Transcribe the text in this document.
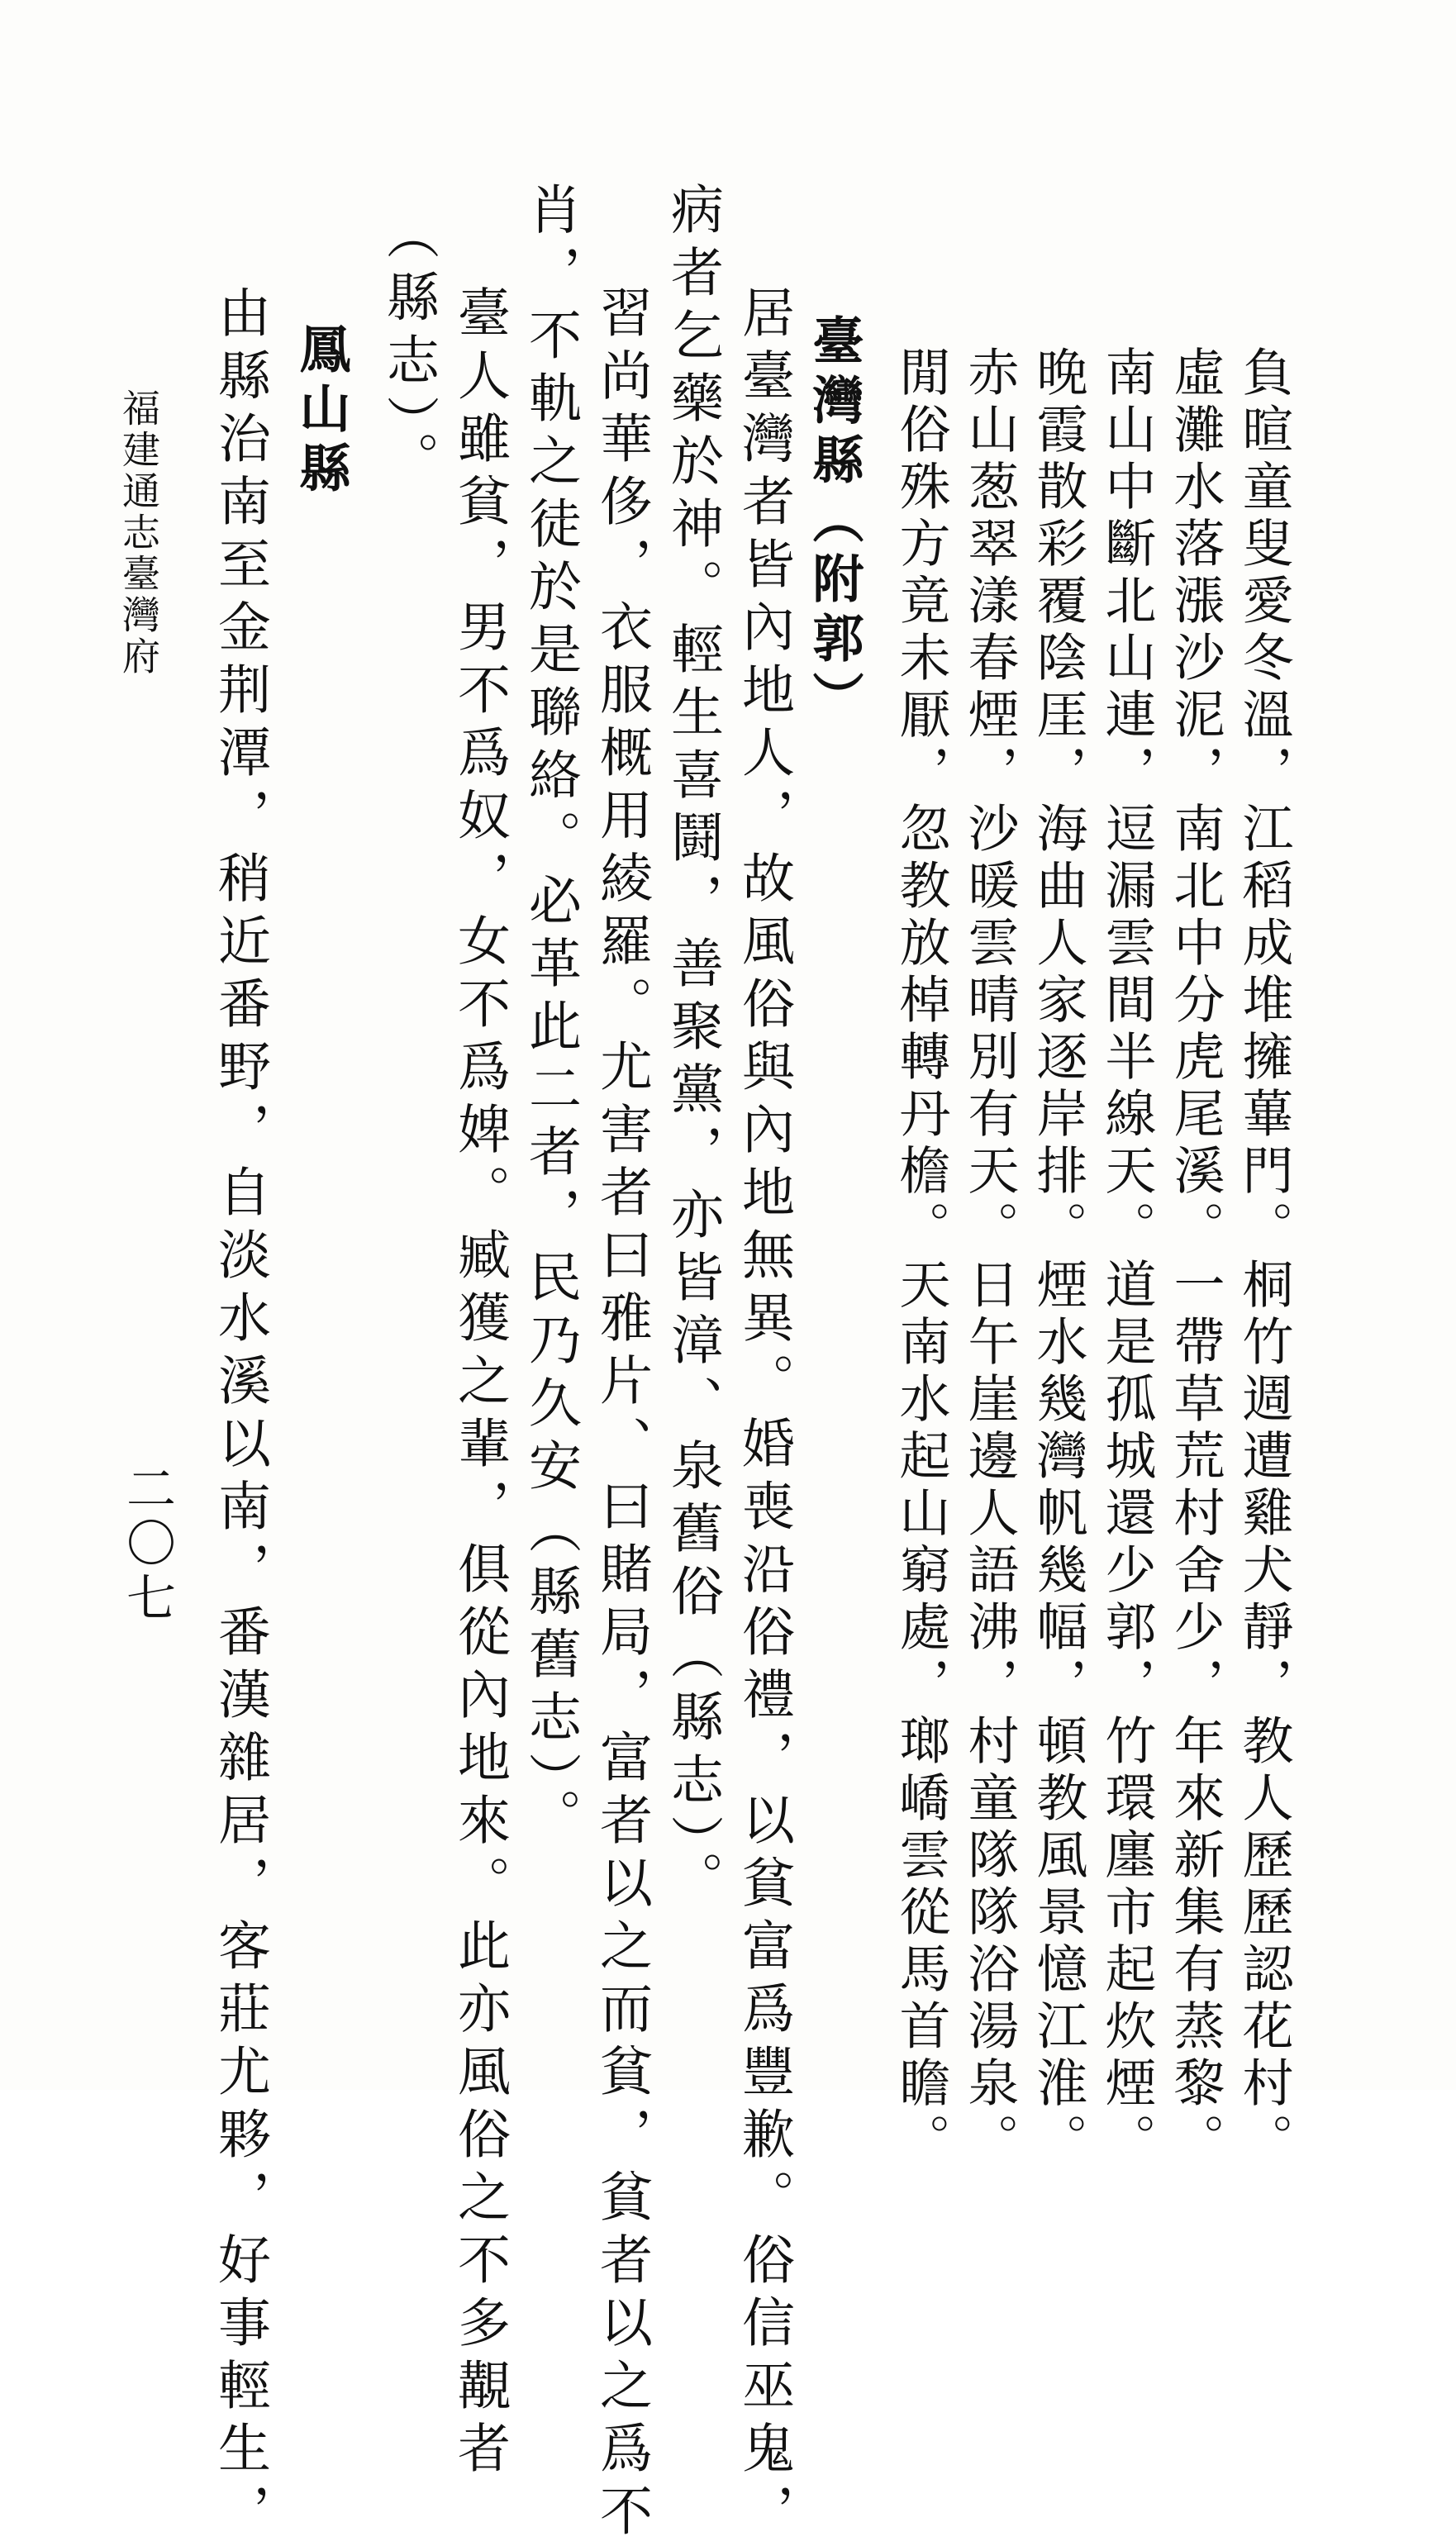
負暄童叟愛冬溫，江稻成堆擁蓽門。桐竹週遭雞犬靜，教人歷歷認花村。
虛灘水落漲沙泥，南北中分虎尾溪。一帶草荒村舍少，年來新集有蒸黎。
南山中斷北山連，逗漏雲間半線天。道是孤城還少郭，竹環廛市起炊煙。
晚霞散彩覆陰厓，海曲人家逐岸排。煙水幾灣帆幾幅，頓教風景憶江淮。
赤山葱翠漾春煙，沙暖雲晴別有天。日午崖邊人語沸，村童隊隊浴湯泉。
閒俗殊方竟未厭，忽教放棹轉丹檐。天南水起山窮處，瑯嶠雲從馬首瞻。
臺灣縣（附郭）
居臺灣者皆內地人，故風俗與內地無異。婚喪沿俗禮，以貧富爲豐歉。俗信巫鬼，
病者乞藥於神。輕生喜鬪，善聚黨，亦皆漳、泉舊俗（縣志）。
習尚華侈，衣服概用綾羅。尤害者曰雅片、曰賭局，富者以之而貧，貧者以之爲不
肖，不軌之徒於是聯絡。必革此二者，民乃久安（縣舊志）。
臺人雖貧，男不爲奴，女不爲婢。臧獲之輩，俱從內地來。此亦風俗之不多覯者
（縣志）。
鳳山縣
由縣治南至金荆潭，稍近番野，自淡水溪以南，番漢雜居，客莊尤夥，好事輕生，
福建通志臺灣府
二〇七
